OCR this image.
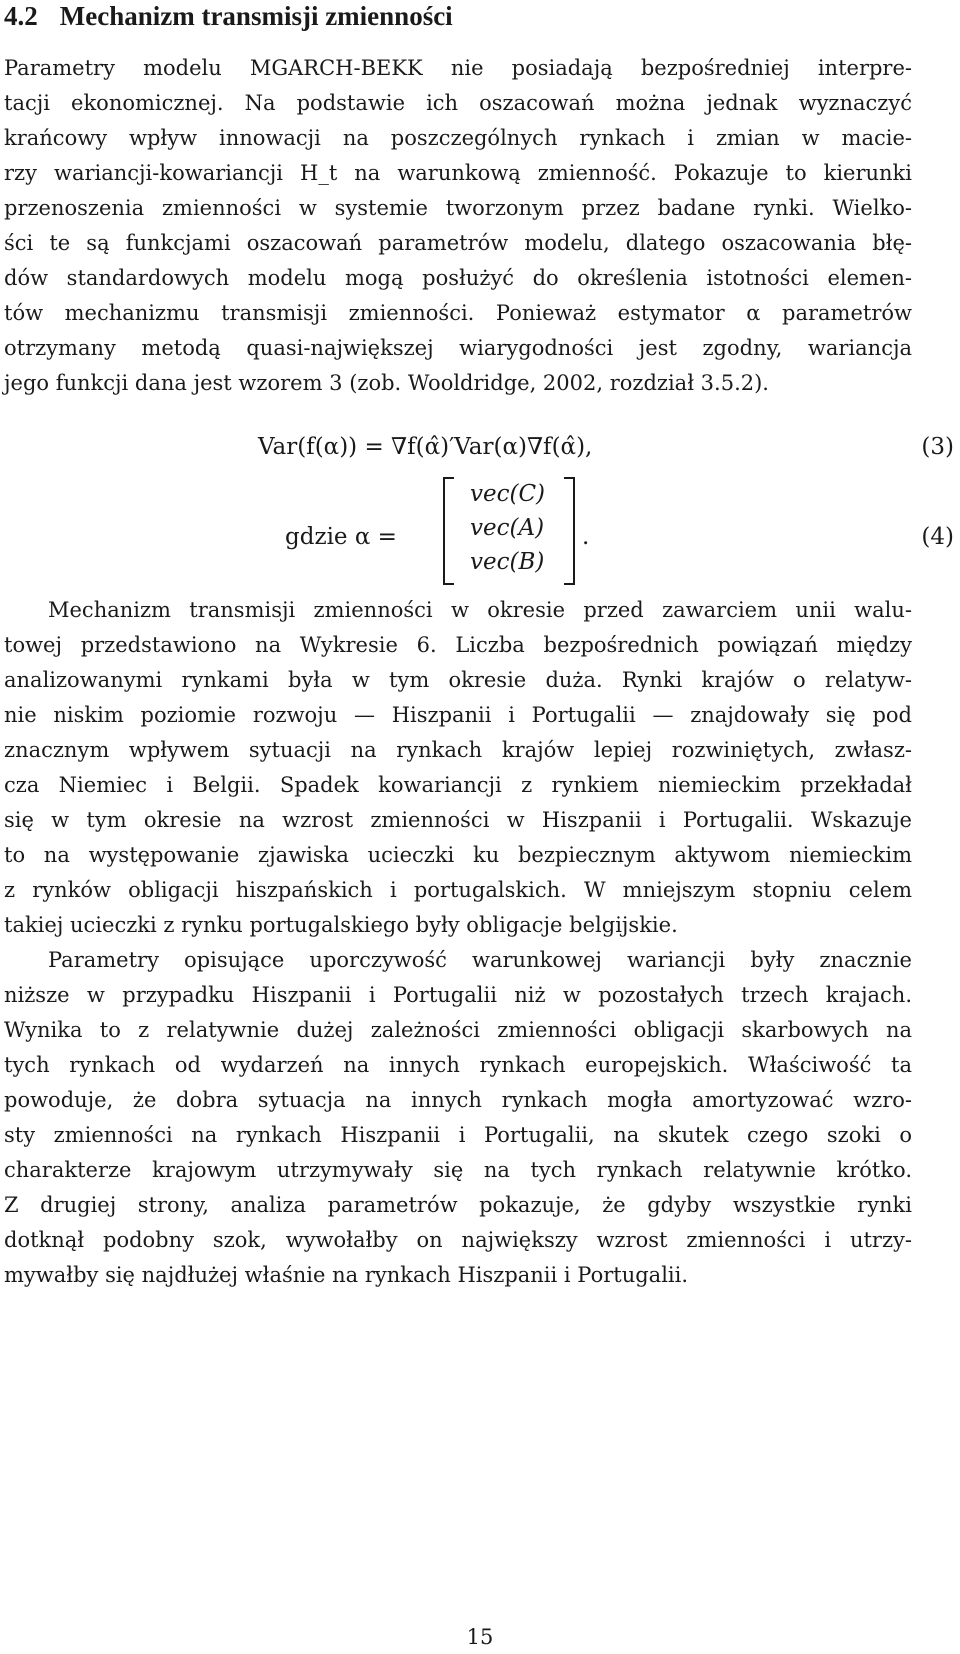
4.2 Mechanizm transmisji zmienności
Parametry modelu MGARCH-BEKK nie posiadają bezpośredniej interpre-
tacji ekonomicznej. Na podstawie ich oszacowań można jednak wyznaczyć
krańcowy wpływ innowacji na poszczególnych rynkach i zmian w macie-
rzy wariancji-kowariancji H_t na warunkową zmienność. Pokazuje to kierunki
przenoszenia zmienności w systemie tworzonym przez badane rynki. Wielko-
ści te są funkcjami oszacowań parametrów modelu, dlatego oszacowania błę-
dów standardowych modelu mogą posłużyć do określenia istotności elemen-
tów mechanizmu transmisji zmienności. Ponieważ estymator α parametrów
otrzymany metodą quasi-największej wiarygodności jest zgodny, wariancja
jego funkcji dana jest wzorem 3 (zob. Wooldridge, 2002, rozdział 3.5.2).
Var(f(α)) = ∇f(α̂)′Var(α)∇f(α̂),	(3)
gdzie α =
vec(C)
vec(A)
vec(B)
.	(4)
Mechanizm transmisji zmienności w okresie przed zawarciem unii walu-
towej przedstawiono na Wykresie 6. Liczba bezpośrednich powiązań między
analizowanymi rynkami była w tym okresie duża. Rynki krajów o relatyw-
nie niskim poziomie rozwoju — Hiszpanii i Portugalii — znajdowały się pod
znacznym wpływem sytuacji na rynkach krajów lepiej rozwiniętych, zwłasz-
cza Niemiec i Belgii. Spadek kowariancji z rynkiem niemieckim przekładał
się w tym okresie na wzrost zmienności w Hiszpanii i Portugalii. Wskazuje
to na występowanie zjawiska ucieczki ku bezpiecznym aktywom niemieckim
z rynków obligacji hiszpańskich i portugalskich. W mniejszym stopniu celem
takiej ucieczki z rynku portugalskiego były obligacje belgijskie.
Parametry opisujące uporczywość warunkowej wariancji były znacznie
niższe w przypadku Hiszpanii i Portugalii niż w pozostałych trzech krajach.
Wynika to z relatywnie dużej zależności zmienności obligacji skarbowych na
tych rynkach od wydarzeń na innych rynkach europejskich. Właściwość ta
powoduje, że dobra sytuacja na innych rynkach mogła amortyzować wzro-
sty zmienności na rynkach Hiszpanii i Portugalii, na skutek czego szoki o
charakterze krajowym utrzymywały się na tych rynkach relatywnie krótko.
Z drugiej strony, analiza parametrów pokazuje, że gdyby wszystkie rynki
dotknął podobny szok, wywołałby on największy wzrost zmienności i utrzy-
mywałby się najdłużej właśnie na rynkach Hiszpanii i Portugalii.
15
